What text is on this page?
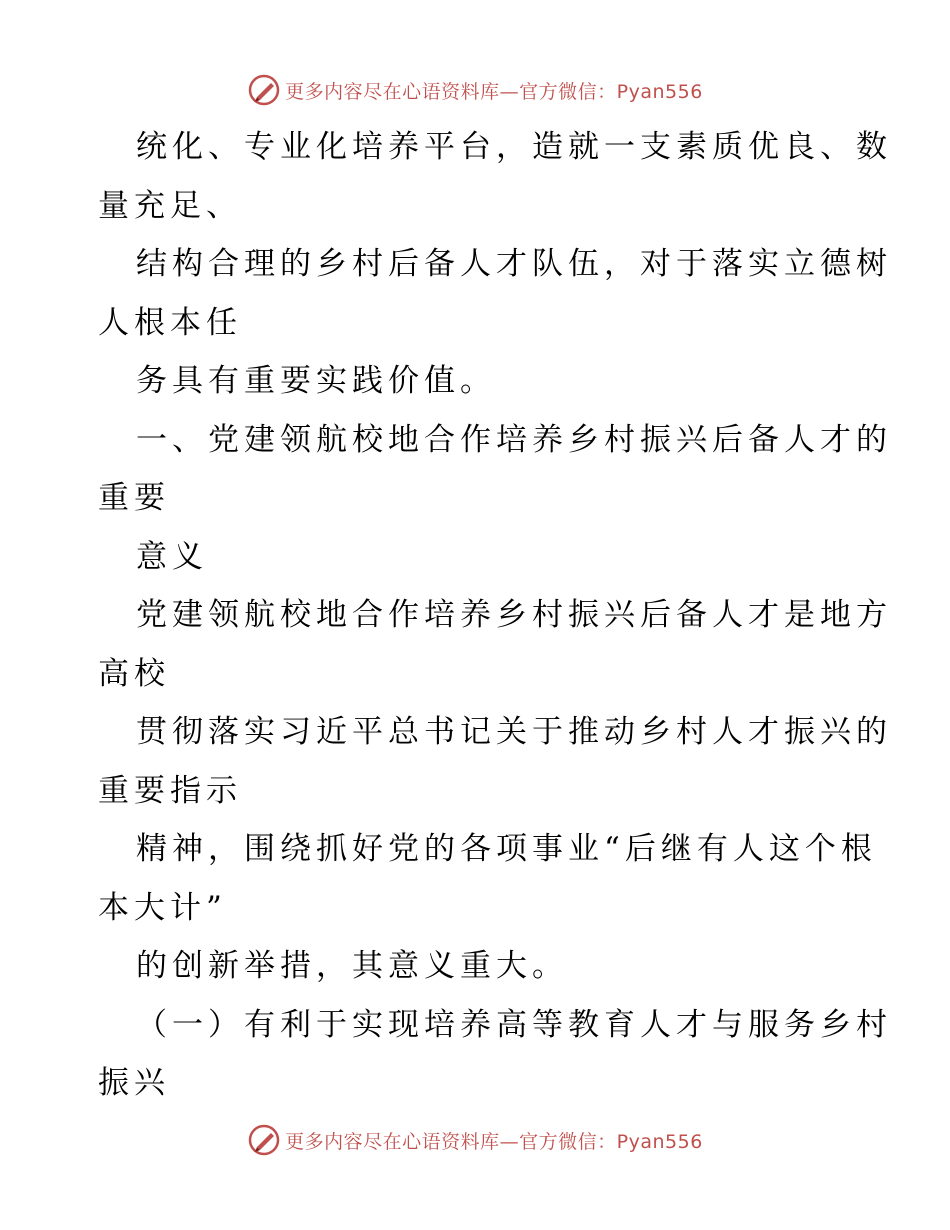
更多内容尽在心语资料库—官方微信：Pyan556
统化、专业化培养平台，造就一支素质优良、数
量充足、
结构合理的乡村后备人才队伍，对于落实立德树
人根本任
务具有重要实践价值。
一、党建领航校地合作培养乡村振兴后备人才的
重要
意义
党建领航校地合作培养乡村振兴后备人才是地方
高校
贯彻落实习近平总书记关于推动乡村人才振兴的
重要指示
精神，围绕抓好党的各项事业“后继有人这个根
本大计”
的创新举措，其意义重大。
（一）有利于实现培养高等教育人才与服务乡村
振兴
更多内容尽在心语资料库—官方微信：Pyan556
